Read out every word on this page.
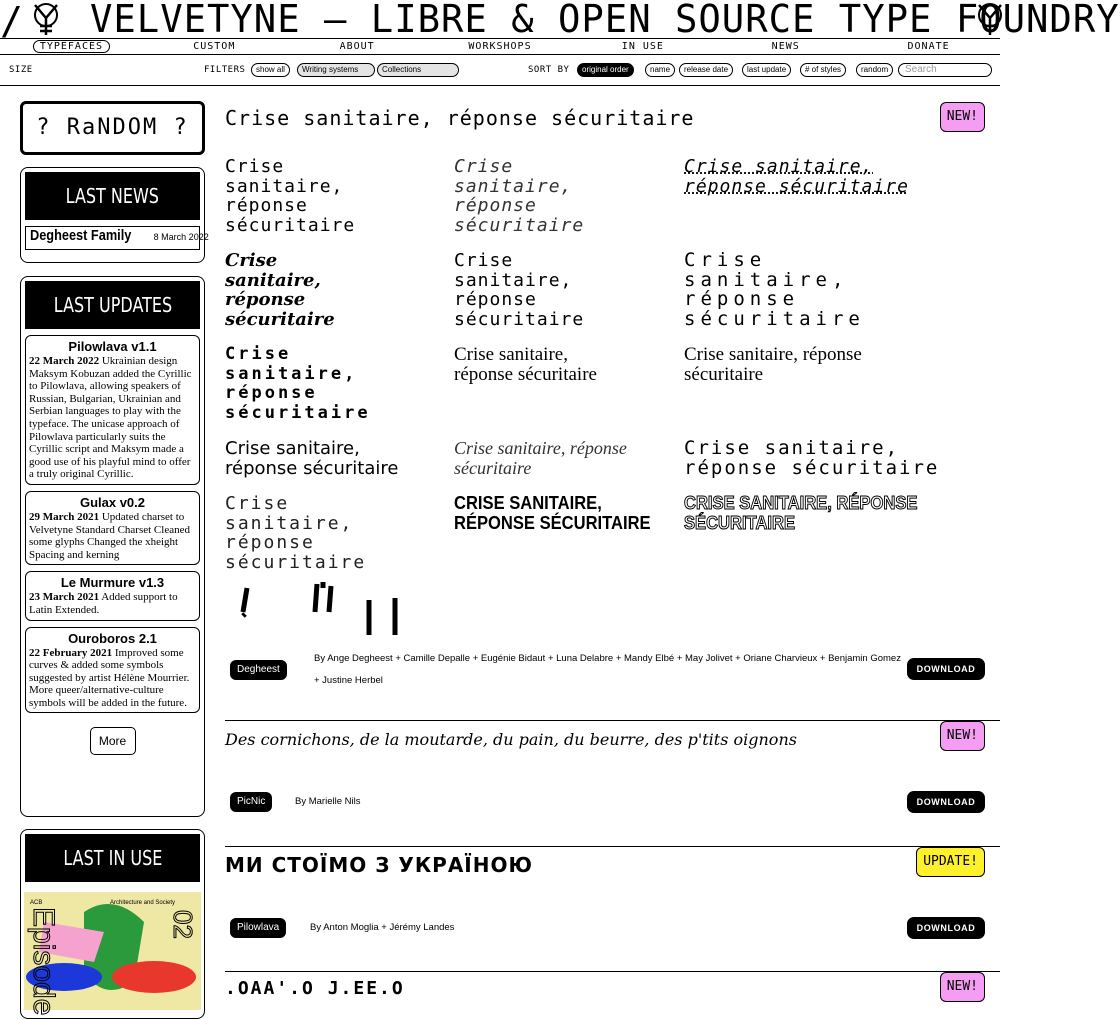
/ VELVETYNE – LIBRE & OPEN SOURCE TYPE FOUNDRY
TYPEFACES	CUSTOM	ABOUT	WORKSHOPS	IN USE	NEWS	DONATE
SIZE	FILTERS	show all	Writing systems	Collections	SORT BY	original order	name	release date	last update	# of styles	random	Search
? RaNDOM ?
LAST NEWS
Degheest Family 8 March 2022
LAST UPDATES
Pilowlava v1.1
22 March 2022 Ukrainian design Maksym Kobuzan added the Cyrillic to Pilowlava, allowing speakers of Russian, Bulgarian, Ukrainian and Serbian languages to play with the typeface. The unicase approach of Pilowlava particularly suits the Cyrillic script and Maksym made a good use of his playful mind to offer a truly original Cyrillic.
Gulax v0.2
29 March 2021 Updated charset to Velvetyne Standard Charset Cleaned some glyphs Changed the xheight Spacing and kerning
Le Murmure v1.3
23 March 2021 Added support to Latin Extended.
Ouroboros 2.1
22 February 2021 Improved some curves & added some symbols suggested by artist Hélène Mourrier. More queer/alternative-culture symbols will be added in the future.
More
LAST IN USE
Episode	02
ACB	Architecture and Society
Crise sanitaire, réponse sécuritaire	NEW!
Crise
sanitaire,
réponse
sécuritaire
Crise
sanitaire,
réponse
sécuritaire
Crise sanitaire,
réponse sécuritaire
Crise
sanitaire,
réponse
sécuritaire
Crise
sanitaire,
réponse
sécuritaire
Crise
sanitaire,
réponse
sécuritaire
Crise
sanitaire,
réponse
sécuritaire
Crise sanitaire,
réponse sécuritaire
Crise sanitaire, réponse
sécuritaire
Crise sanitaire,
réponse sécuritaire
Crise sanitaire, réponse
sécuritaire
Crise sanitaire,
réponse sécuritaire
Crise
sanitaire,
réponse
sécuritaire
CRISE SANITAIRE,
RÉPONSE SÉCURITAIRE
CRISE SANITAIRE, RÉPONSE
SÉCURITAIRE
Degheest
By Ange Degheest + Camille Depalle + Eugénie Bidaut + Luna Delabre + Mandy Elbé + May Jolivet + Oriane Charvieux + Benjamin Gomez + Justine Herbel
DOWNLOAD
Des cornichons, de la moutarde, du pain, du beurre, des p'tits oignons	NEW!
PicNic	By Marielle Nils	DOWNLOAD
МИ СТОЇМО З УКРАЇНОЮ	UPDATE!
Pilowlava	By Anton Moglia + Jérémy Landes	DOWNLOAD
.OAA'.O J.EE.O	NEW!
